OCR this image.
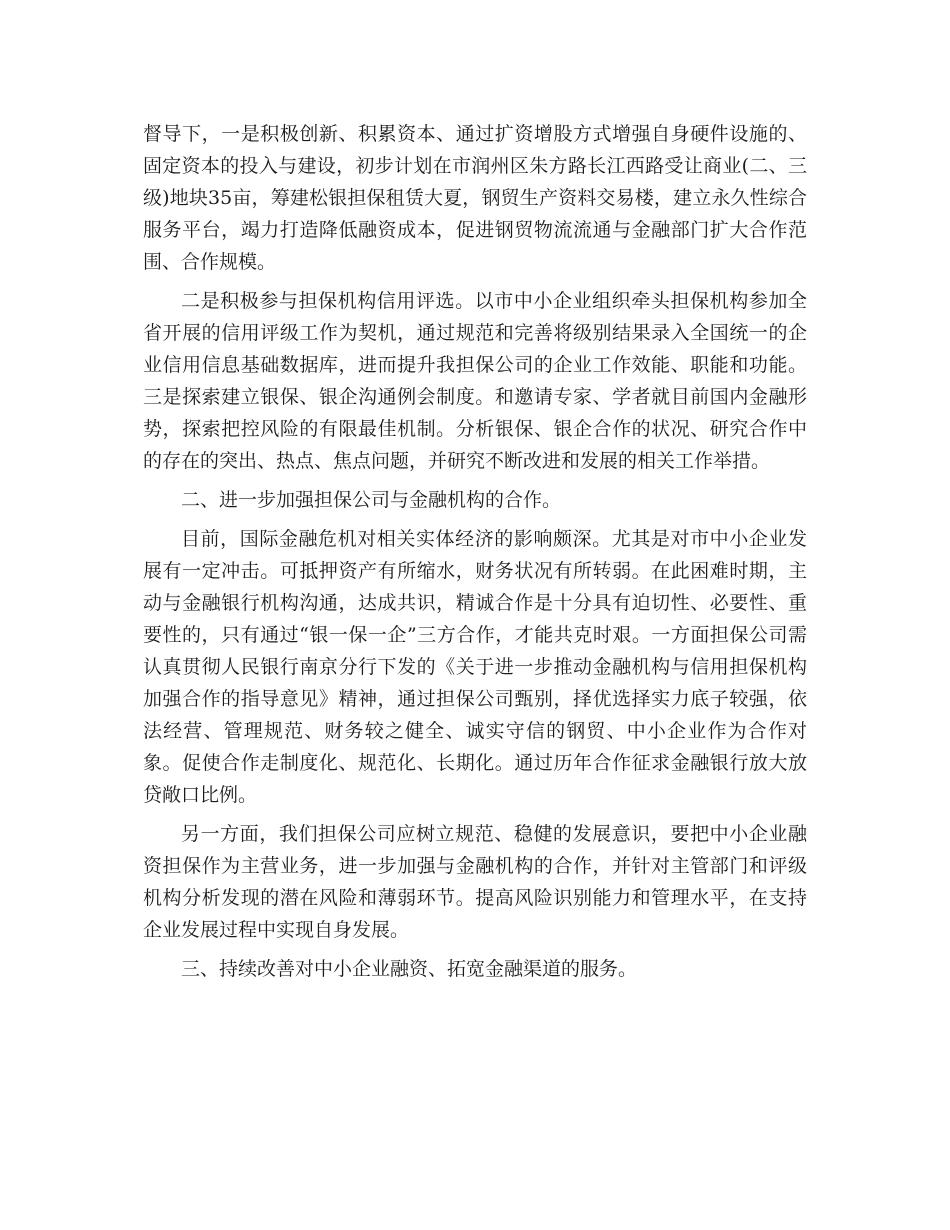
督导下，一是积极创新、积累资本、通过扩资增股方式增强自身硬件设施的、固定资本的投入与建设，初步计划在市润州区朱方路长江西路受让商业(二、三级)地块35亩，筹建松银担保租赁大夏，钢贸生产资料交易楼，建立永久性综合服务平台，竭力打造降低融资成本，促进钢贸物流流通与金融部门扩大合作范围、合作规模。

二是积极参与担保机构信用评选。以市中小企业组织牵头担保机构参加全省开展的信用评级工作为契机，通过规范和完善将级别结果录入全国统一的企业信用信息基础数据库，进而提升我担保公司的企业工作效能、职能和功能。三是探索建立银保、银企沟通例会制度。和邀请专家、学者就目前国内金融形势，探索把控风险的有限最佳机制。分析银保、银企合作的状况、研究合作中的存在的突出、热点、焦点问题，并研究不断改进和发展的相关工作举措。

二、进一步加强担保公司与金融机构的合作。

目前，国际金融危机对相关实体经济的影响颇深。尤其是对市中小企业发展有一定冲击。可抵押资产有所缩水，财务状况有所转弱。在此困难时期，主动与金融银行机构沟通，达成共识，精诚合作是十分具有迫切性、必要性、重要性的，只有通过“银一保一企”三方合作，才能共克时艰。一方面担保公司需认真贯彻人民银行南京分行下发的《关于进一步推动金融机构与信用担保机构加强合作的指导意见》精神，通过担保公司甄别，择优选择实力底子较强，依法经营、管理规范、财务较之健全、诚实守信的钢贸、中小企业作为合作对象。促使合作走制度化、规范化、长期化。通过历年合作征求金融银行放大放贷敞口比例。

另一方面，我们担保公司应树立规范、稳健的发展意识，要把中小企业融资担保作为主营业务，进一步加强与金融机构的合作，并针对主管部门和评级机构分析发现的潜在风险和薄弱环节。提高风险识别能力和管理水平，在支持企业发展过程中实现自身发展。

三、持续改善对中小企业融资、拓宽金融渠道的服务。
